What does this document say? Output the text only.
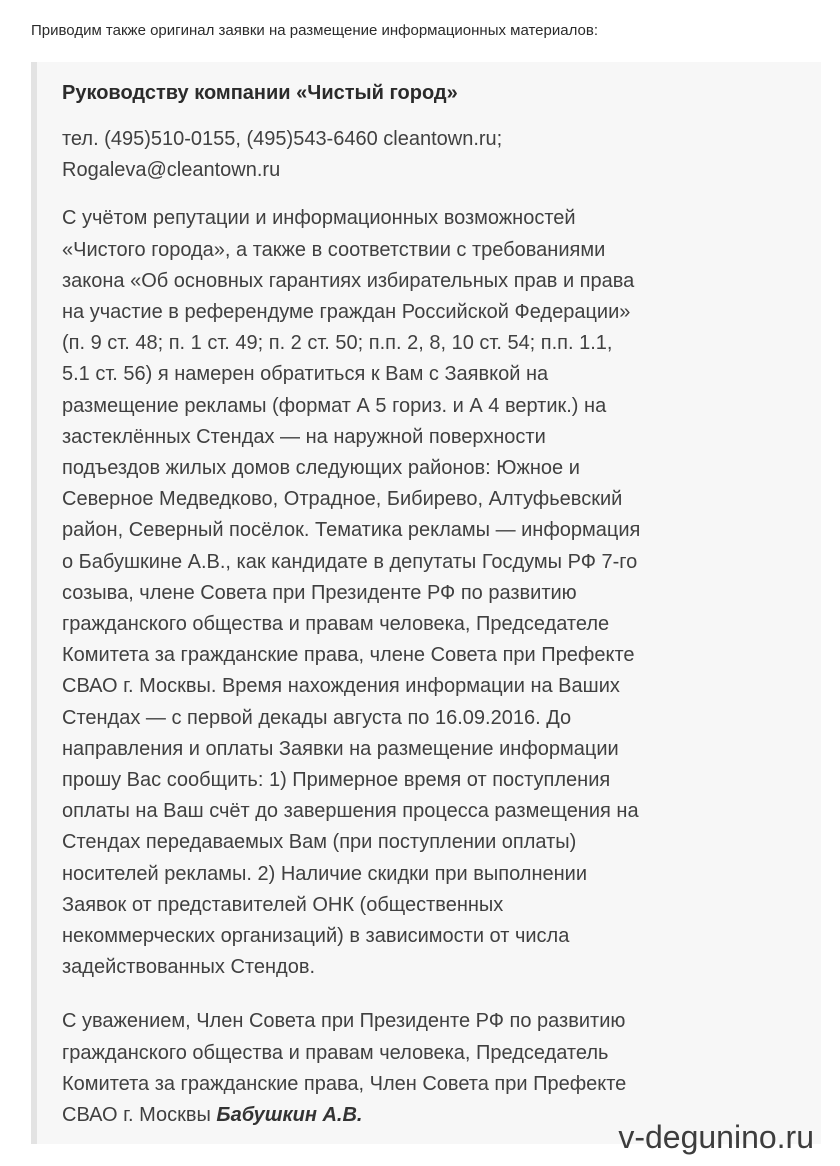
Приводим также оригинал заявки на размещение информационных материалов:
Руководству компании «Чистый город»

тел. (495)510-0155, (495)543-6460 cleantown.ru;
Rogaleva@cleantown.ru

С учётом репутации и информационных возможностей
«Чистого города», а также в соответствии с требованиями
закона «Об основных гарантиях избирательных прав и права
на участие в референдуме граждан Российской Федерации»
(п. 9 ст. 48; п. 1 ст. 49; п. 2 ст. 50; п.п. 2, 8, 10 ст. 54; п.п. 1.1,
5.1 ст. 56) я намерен обратиться к Вам с Заявкой на
размещение рекламы (формат А 5 гориз. и А 4 вертик.) на
застеклённых Стендах — на наружной поверхности
подъездов жилых домов следующих районов: Южное и
Северное Медведково, Отрадное, Бибирево, Алтуфьевский
район, Северный посёлок. Тематика рекламы — информация
о Бабушкине А.В., как кандидате в депутаты Госдумы РФ 7-го
созыва, члене Совета при Президенте РФ по развитию
гражданского общества и правам человека, Председателе
Комитета за гражданские права, члене Совета при Префекте
СВАО г. Москвы. Время нахождения информации на Ваших
Стендах — с первой декады августа по 16.09.2016. До
направления и оплаты Заявки на размещение информации
прошу Вас сообщить: 1) Примерное время от поступления
оплаты на Ваш счёт до завершения процесса размещения на
Стендах передаваемых Вам (при поступлении оплаты)
носителей рекламы. 2) Наличие скидки при выполнении
Заявок от представителей ОНК (общественных
некоммерческих организаций) в зависимости от числа
задействованных Стендов.

С уважением, Член Совета при Президенте РФ по развитию
гражданского общества и правам человека, Председатель
Комитета за гражданские права, Член Совета при Префекте
СВАО г. Москвы Бабушкин А.В.

v-degunino.ru
